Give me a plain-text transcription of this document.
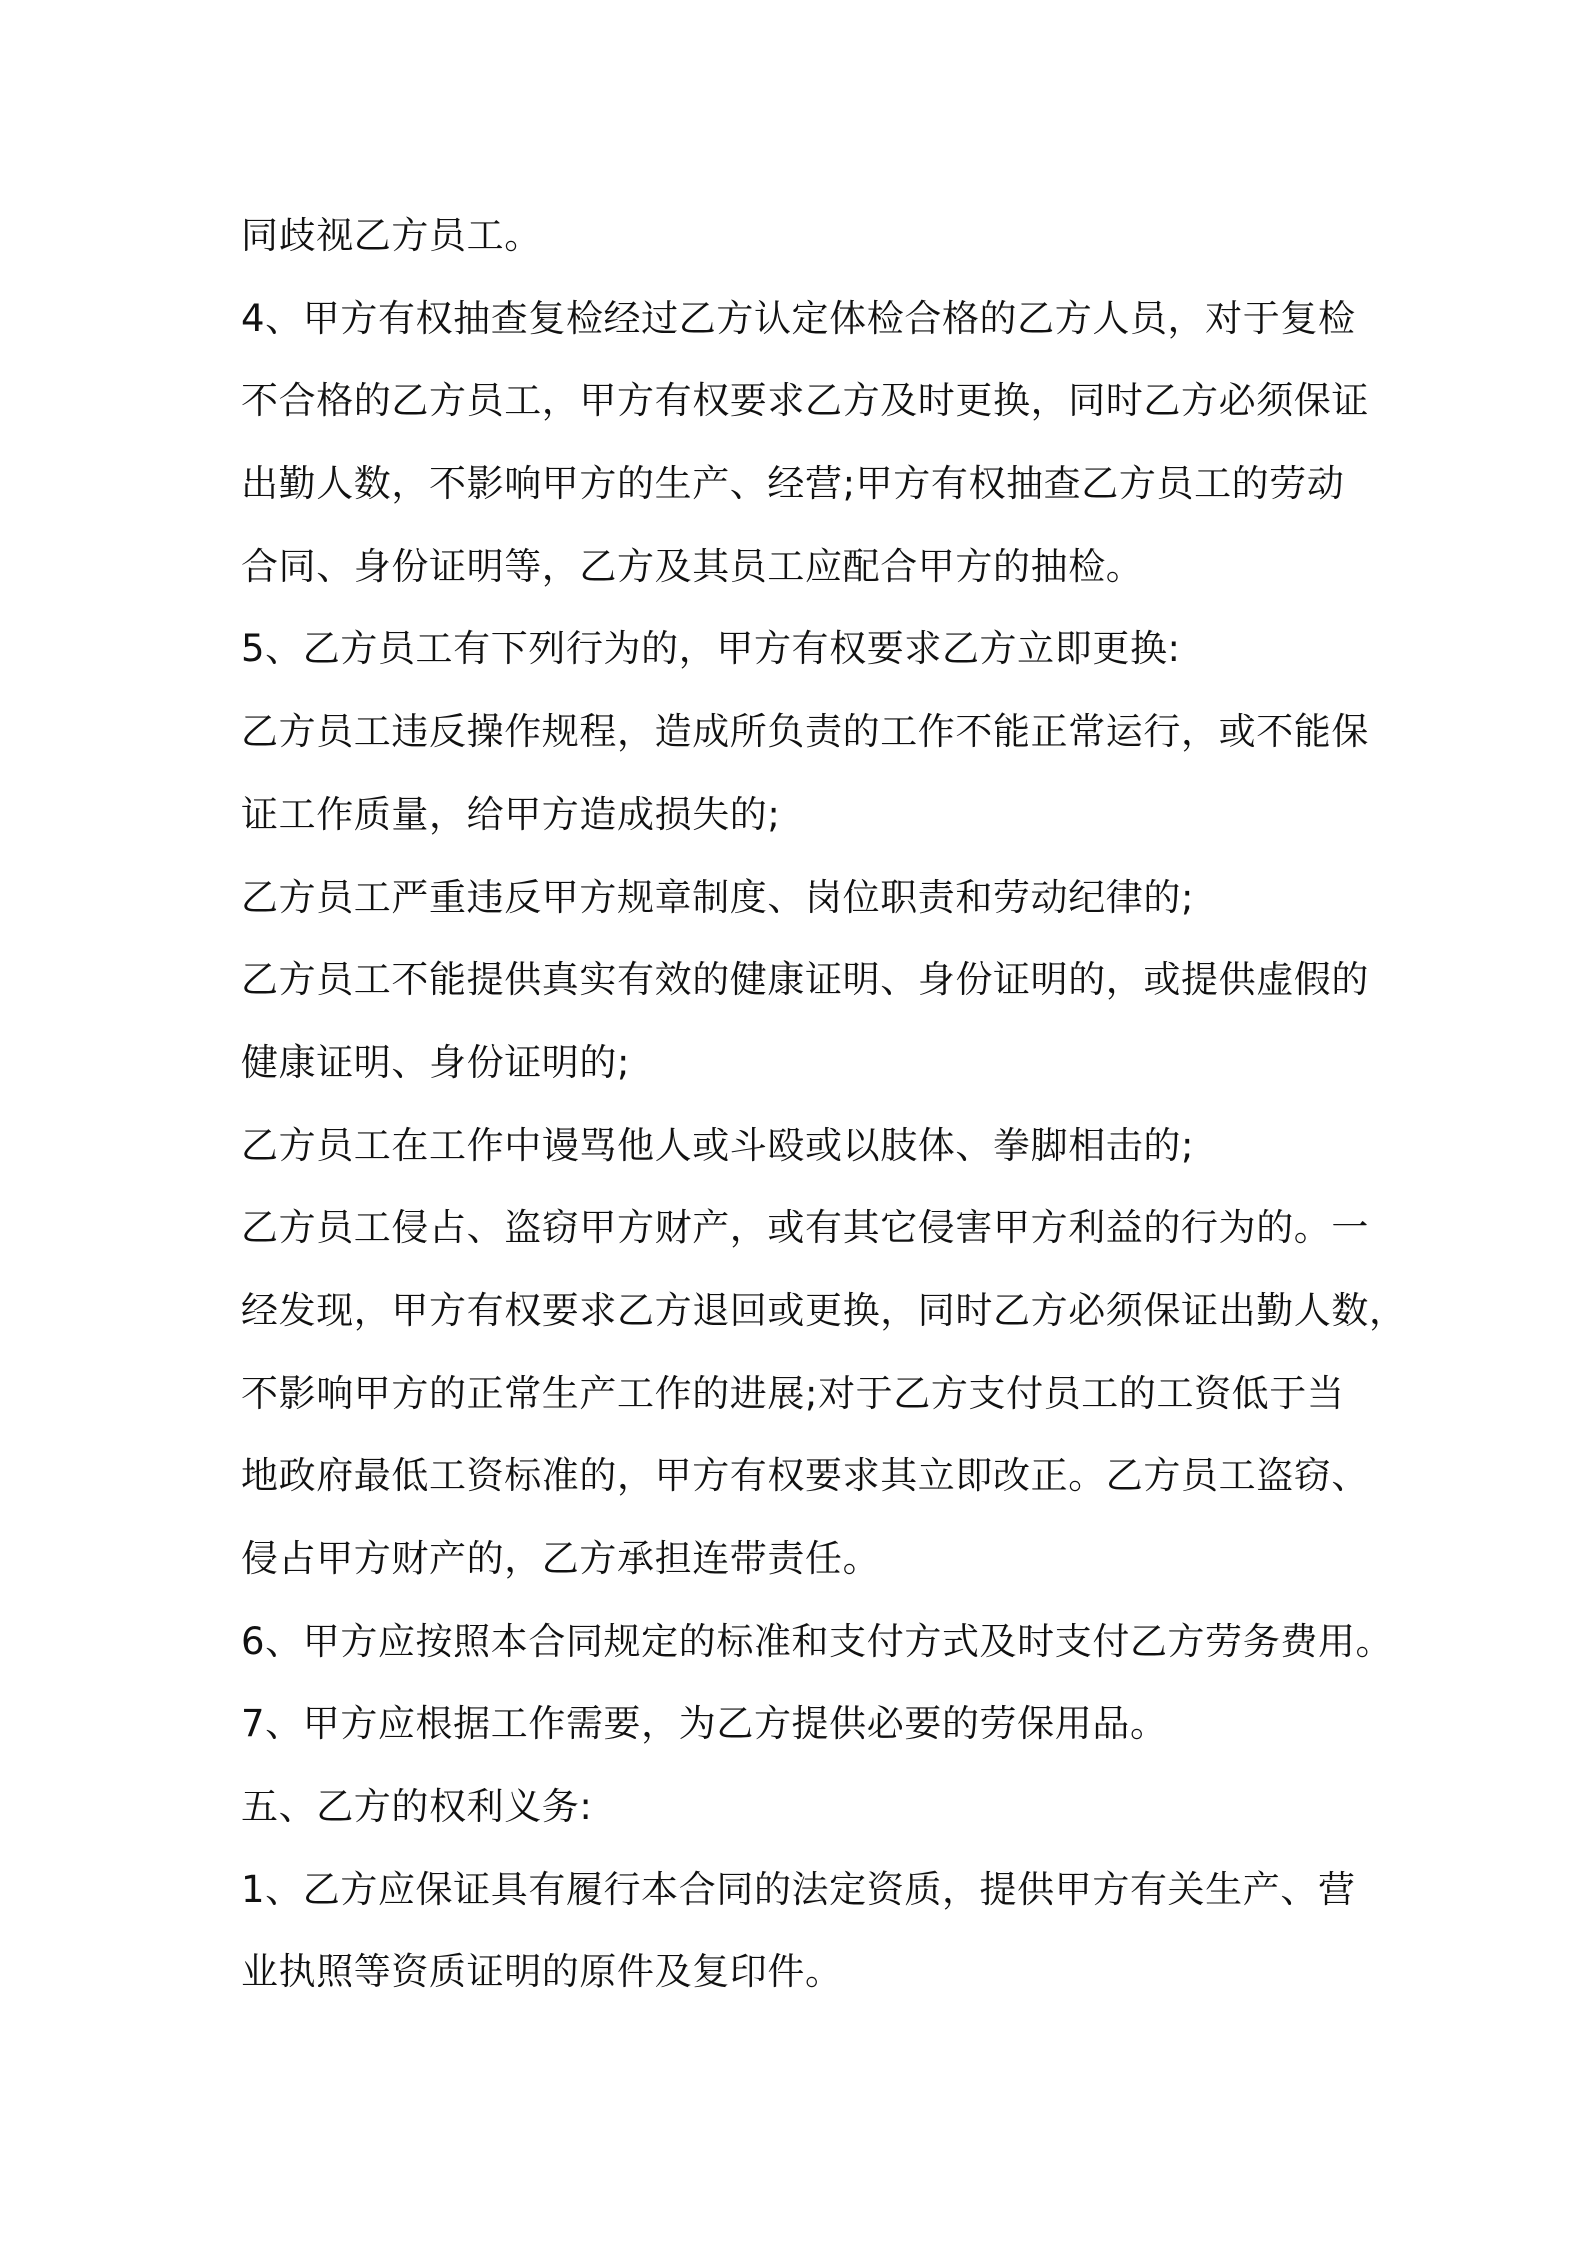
同歧视乙方员工。
4、甲方有权抽查复检经过乙方认定体检合格的乙方人员，对于复检
不合格的乙方员工，甲方有权要求乙方及时更换，同时乙方必须保证
出勤人数，不影响甲方的生产、经营;甲方有权抽查乙方员工的劳动
合同、身份证明等，乙方及其员工应配合甲方的抽检。
5、乙方员工有下列行为的，甲方有权要求乙方立即更换:
乙方员工违反操作规程，造成所负责的工作不能正常运行，或不能保
证工作质量，给甲方造成损失的;
乙方员工严重违反甲方规章制度、岗位职责和劳动纪律的;
乙方员工不能提供真实有效的健康证明、身份证明的，或提供虚假的
健康证明、身份证明的;
乙方员工在工作中谩骂他人或斗殴或以肢体、拳脚相击的;
乙方员工侵占、盗窃甲方财产，或有其它侵害甲方利益的行为的。一
经发现，甲方有权要求乙方退回或更换，同时乙方必须保证出勤人数，
不影响甲方的正常生产工作的进展;对于乙方支付员工的工资低于当
地政府最低工资标准的，甲方有权要求其立即改正。乙方员工盗窃、
侵占甲方财产的，乙方承担连带责任。
6、甲方应按照本合同规定的标准和支付方式及时支付乙方劳务费用。
7、甲方应根据工作需要，为乙方提供必要的劳保用品。
五、乙方的权利义务:
1、乙方应保证具有履行本合同的法定资质，提供甲方有关生产、营
业执照等资质证明的原件及复印件。
